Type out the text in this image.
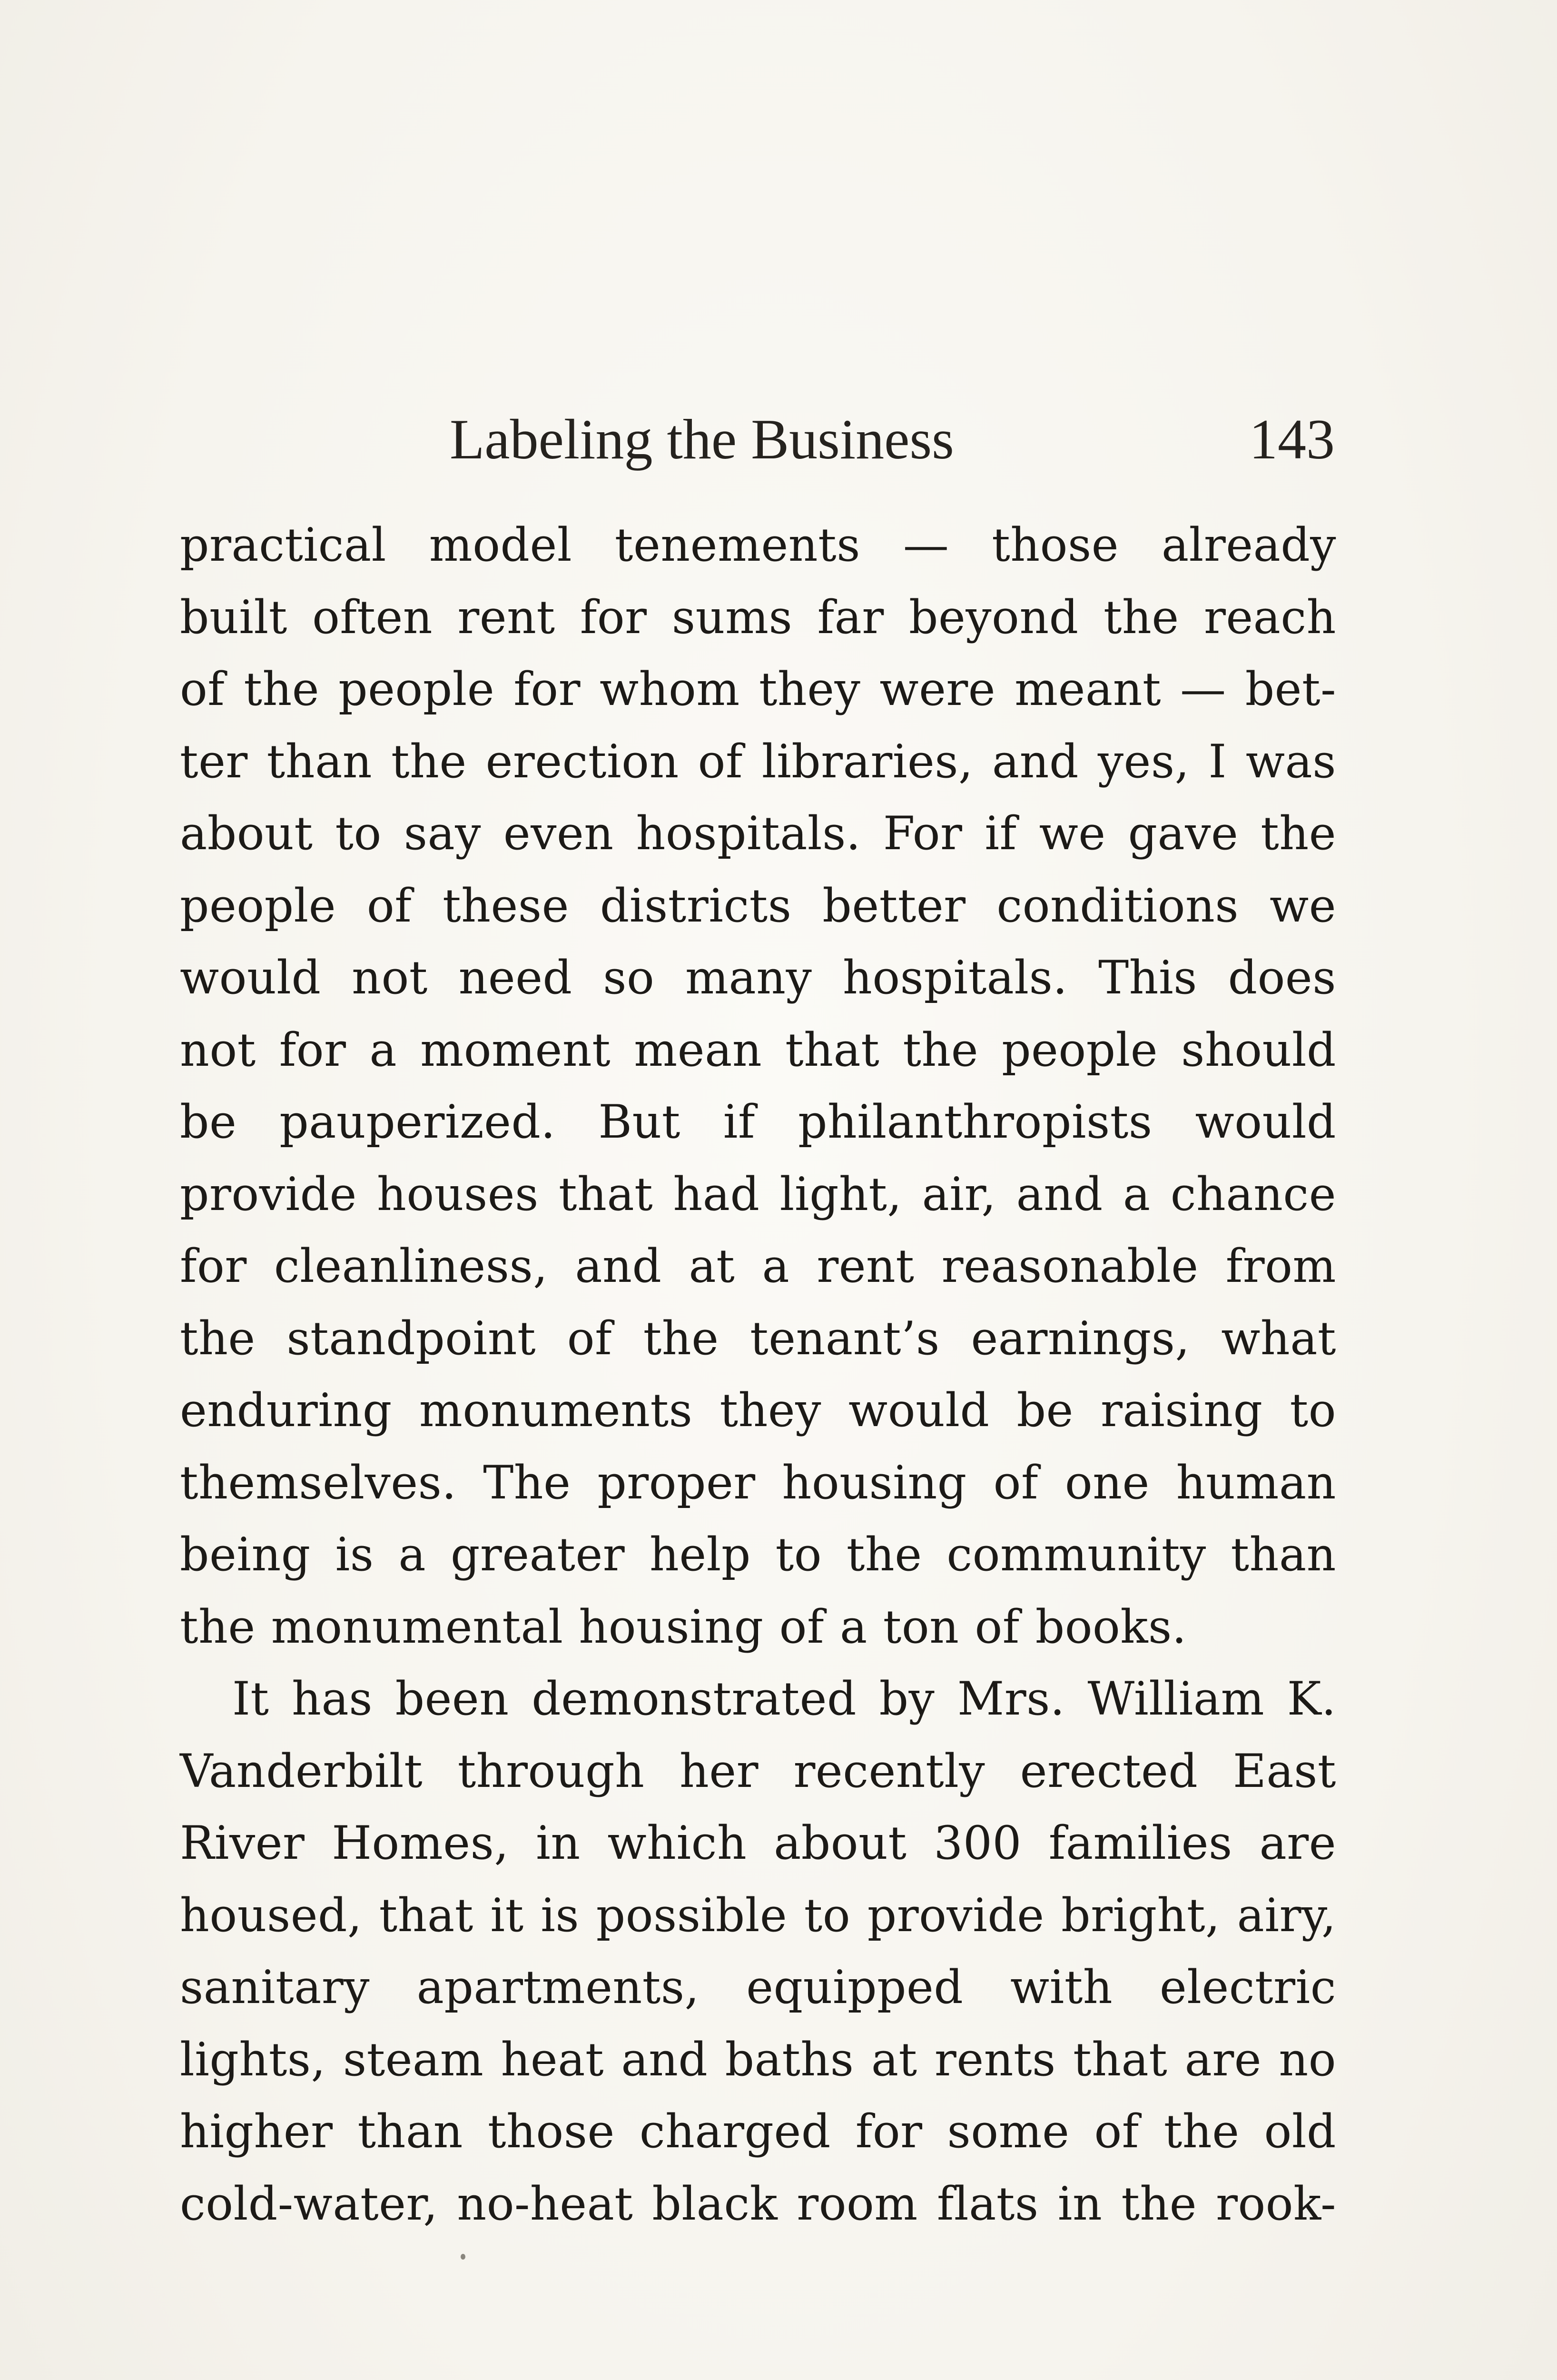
Labeling the Business	143
practical model tenements — those already
built often rent for sums far beyond the reach
of the people for whom they were meant — bet-
ter than the erection of libraries, and yes, I was
about to say even hospitals. For if we gave the
people of these districts better conditions we
would not need so many hospitals. This does
not for a moment mean that the people should
be pauperized. But if philanthropists would
provide houses that had light, air, and a chance
for cleanliness, and at a rent reasonable from
the standpoint of the tenant’s earnings, what
enduring monuments they would be raising to
themselves. The proper housing of one human
being is a greater help to the community than
the monumental housing of a ton of books.
It has been demonstrated by Mrs. William K.
Vanderbilt through her recently erected East
River Homes, in which about 300 families are
housed, that it is possible to provide bright, airy,
sanitary apartments, equipped with electric
lights, steam heat and baths at rents that are no
higher than those charged for some of the old
cold-water, no-heat black room flats in the rook-
